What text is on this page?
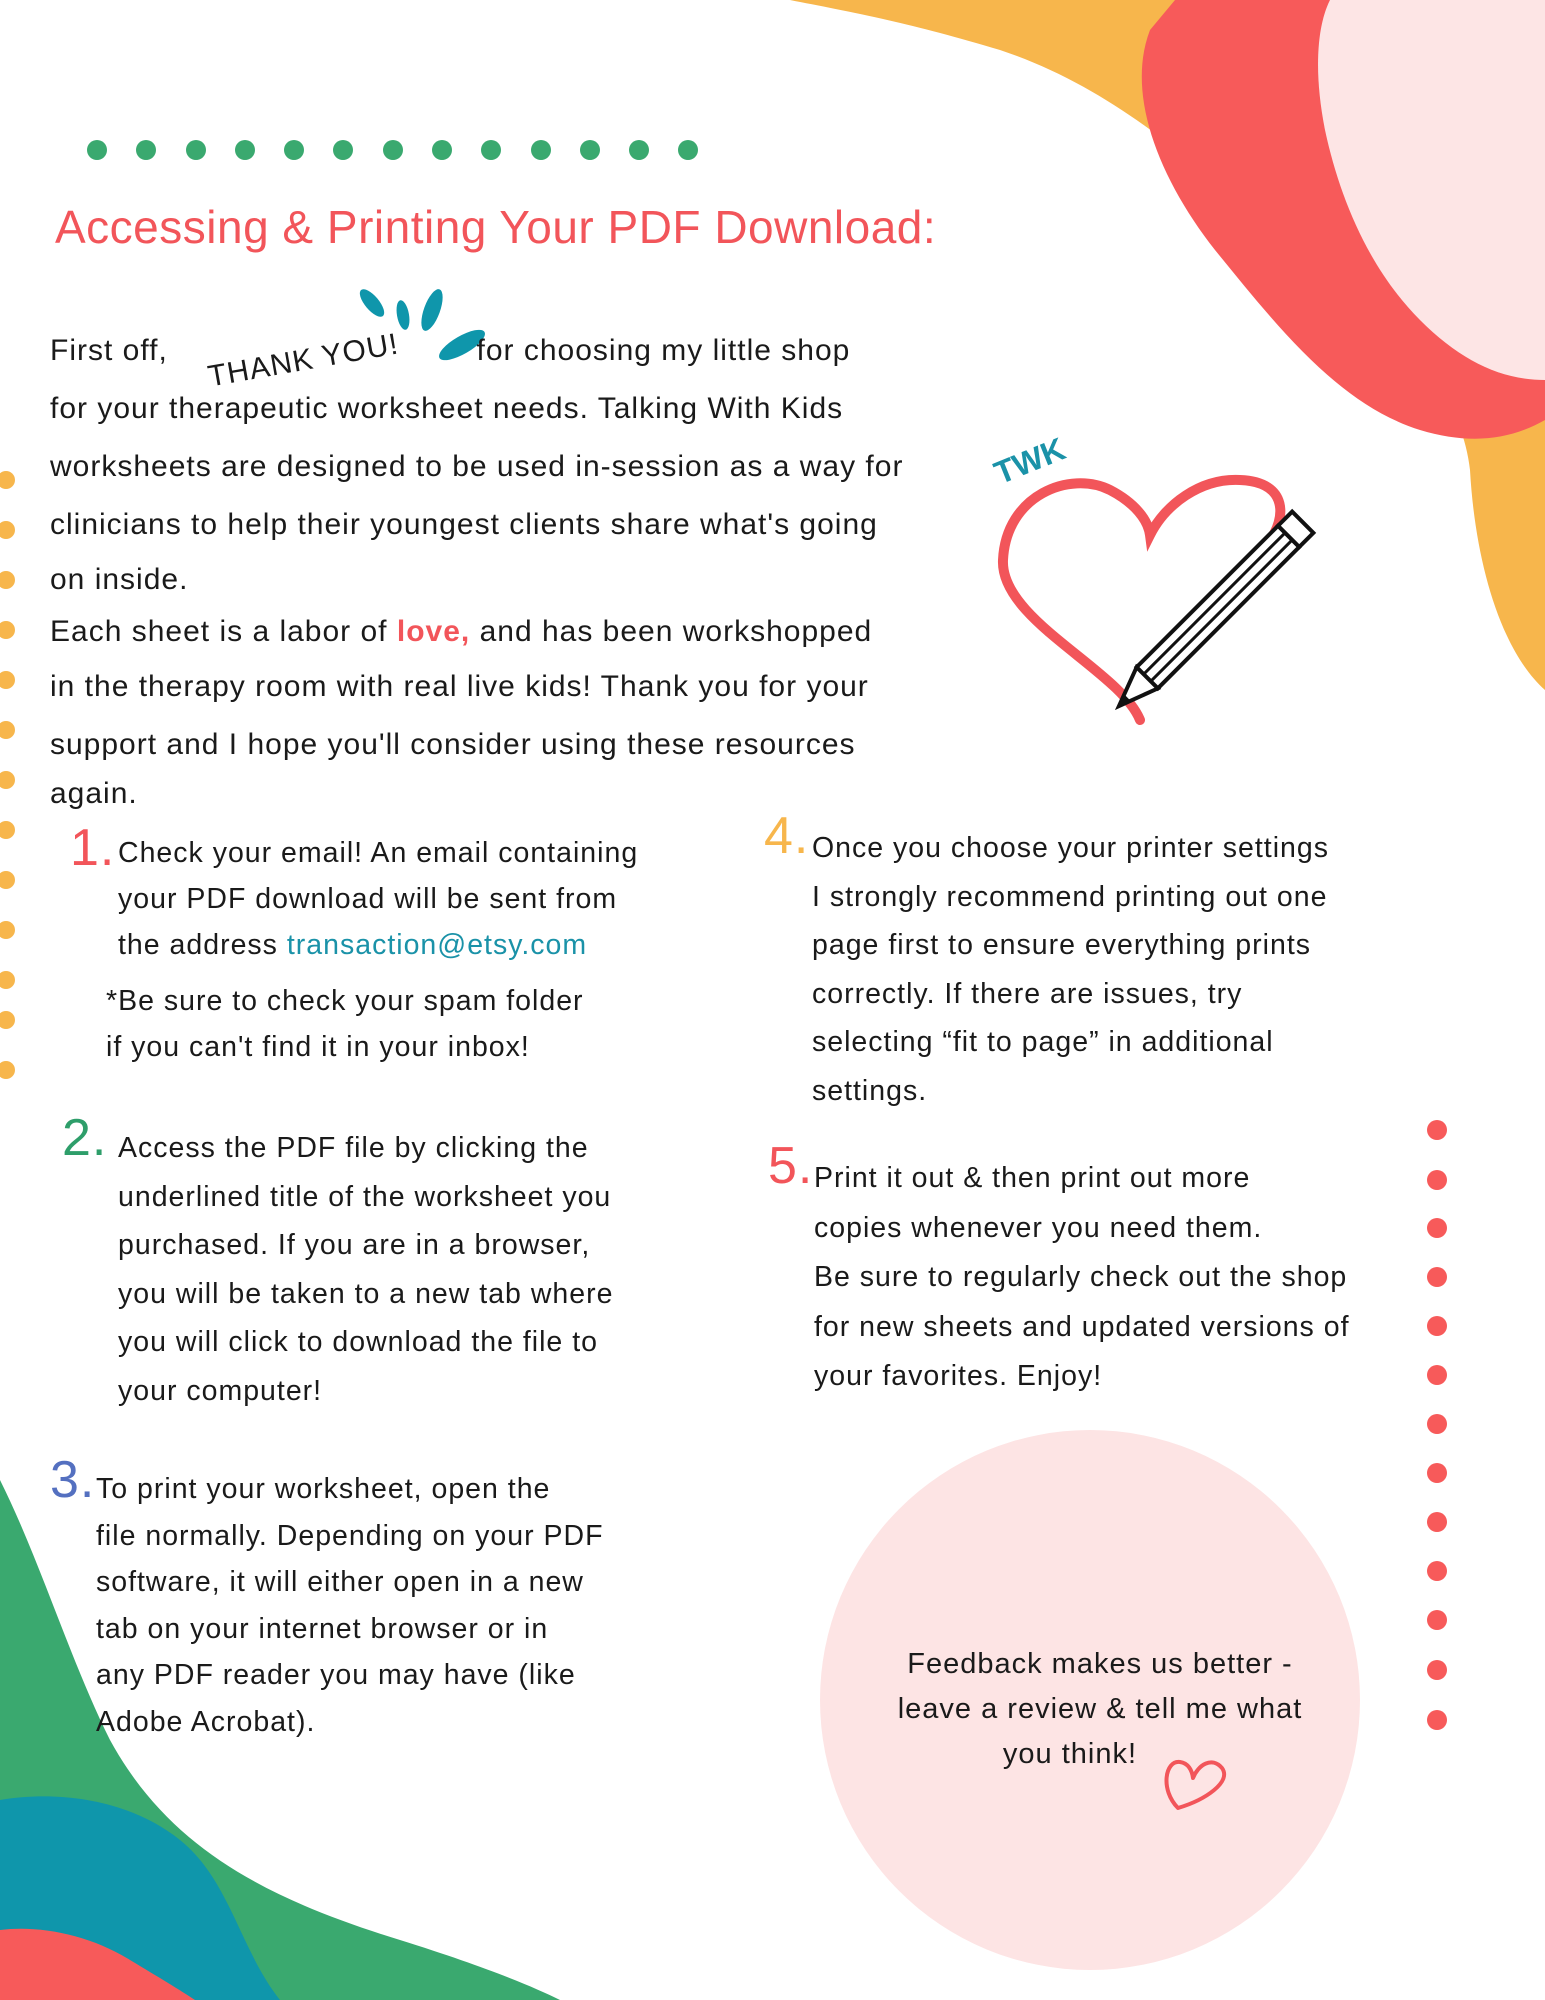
Accessing & Printing Your PDF Download:

First off, THANK YOU!	for choosing my little shop

for your therapeutic worksheet needs. Talking With Kids

worksheets are designed to be used in-session as a way for

clinicians to help their youngest clients share what's going

on inside.

Each sheet is a labor of love, and has been workshopped

in the therapy room with real live kids! Thank you for your

support and I hope you'll consider using these resources

again.

TWK
1. Check your email! An email containing
your PDF download will be sent from
the address transaction@etsy.com
*Be sure to check your spam folder
if you can't find it in your inbox!
2. Access the PDF file by clicking the
underlined title of the worksheet you
purchased. If you are in a browser,
you will be taken to a new tab where
you will click to download the file to
your computer!
3. To print your worksheet, open the
file normally. Depending on your PDF
software, it will either open in a new
tab on your internet browser or in
any PDF reader you may have (like
Adobe Acrobat).
4. Once you choose your printer settings
I strongly recommend printing out one
page first to ensure everything prints
correctly. If there are issues, try
selecting “fit to page” in additional
settings.
5. Print it out & then print out more
copies whenever you need them.
Be sure to regularly check out the shop
for new sheets and updated versions of
your favorites. Enjoy!
Feedback makes us better -
leave a review & tell me what
you think!
